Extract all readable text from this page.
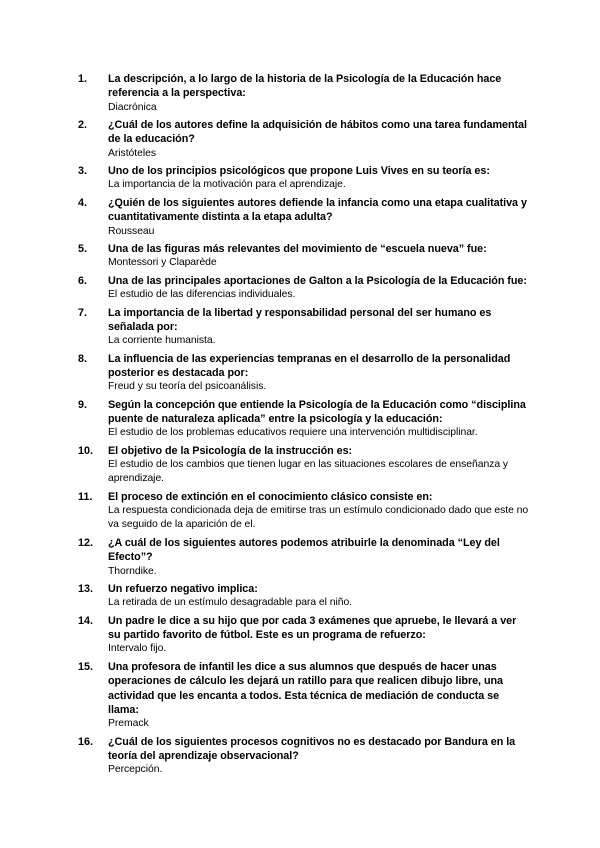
1.	La descripción, a lo largo de la historia de la Psicología de la Educación hace referencia a la perspectiva:
Diacrónica
2.	¿Cuál de los autores define la adquisición de hábitos como una tarea fundamental de la educación?
Aristóteles
3.	Uno de los principios psicológicos que propone Luis Vives en su teoría es:
La importancia de la motivación para el aprendizaje.
4.	¿Quién de los siguientes autores defiende la infancia como una etapa cualitativa y cuantitativamente distinta a la etapa adulta?
Rousseau
5.	Una de las figuras más relevantes del movimiento de “escuela nueva” fue:
Montessori y Claparède
6.	Una de las principales aportaciones de Galton a la Psicología de la Educación fue:
El estudio de las diferencias individuales.
7.	La importancia de la libertad y responsabilidad personal del ser humano es señalada por:
La corriente humanista.
8.	La influencia de las experiencias tempranas en el desarrollo de la personalidad posterior es destacada por:
Freud y su teoría del psicoanálisis.
9.	Según la concepción que entiende la Psicología de la Educación como “disciplina puente de naturaleza aplicada” entre la psicología y la educación:
El estudio de los problemas educativos requiere una intervención multidisciplinar.
10.	El objetivo de la Psicología de la instrucción es:
El estudio de los cambios que tienen lugar en las situaciones escolares de enseñanza y aprendizaje.
11.	El proceso de extinción en el conocimiento clásico consiste en:
La respuesta condicionada deja de emitirse tras un estímulo condicionado dado que este no va seguido de la aparición de el.
12.	¿A cuál de los siguientes autores podemos atribuirle la denominada “Ley del Efecto”?
Thorndike.
13.	Un refuerzo negativo implica:
La retirada de un estímulo desagradable para el niño.
14.	Un padre le dice a su hijo que por cada 3 exámenes que apruebe, le llevará a ver su partido favorito de fútbol. Este es un programa de refuerzo:
Intervalo fijo.
15.	Una profesora de infantil les dice a sus alumnos que después de hacer unas operaciones de cálculo les dejará un ratillo para que realicen dibujo libre, una actividad que les encanta a todos. Esta técnica de mediación de conducta se llama:
Premack
16.	¿Cuál de los siguientes procesos cognitivos no es destacado por Bandura en la teoría del aprendizaje observacional?
Percepción.
